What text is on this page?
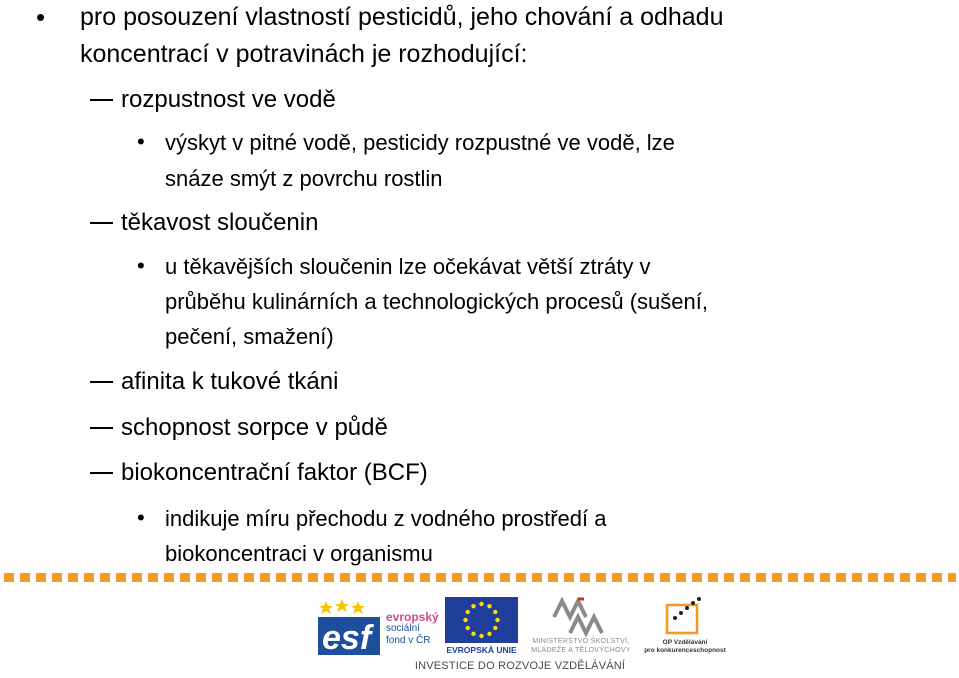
• pro posouzení vlastností pesticidů, jeho chování a odhadu
koncentrací v potravinách je rozhodující:
rozpustnost ve vodě
• výskyt v pitné vodě, pesticidy rozpustné ve vodě, lze
snáze smýt z povrchu rostlin
těkavost sloučenin
• u těkavějších sloučenin lze očekávat větší ztráty v
průběhu kulinárních a technologických procesů (sušení,
pečení, smažení)
afinita k tukové tkáni
schopnost sorpce v půdě
biokoncentrační faktor (BCF)
• indikuje míru přechodu z vodného prostředí a
biokoncentraci v organismu
esf
evropský
sociální
fond v ČR
EVROPSKÁ UNIE
MINISTERSTVO ŠKOLSTVÍ,
MLÁDEŽE A TĚLOVÝCHOVY
OP Vzdělávání
pro konkurenceschopnost
INVESTICE DO ROZVOJE VZDĚLÁVÁNÍ
